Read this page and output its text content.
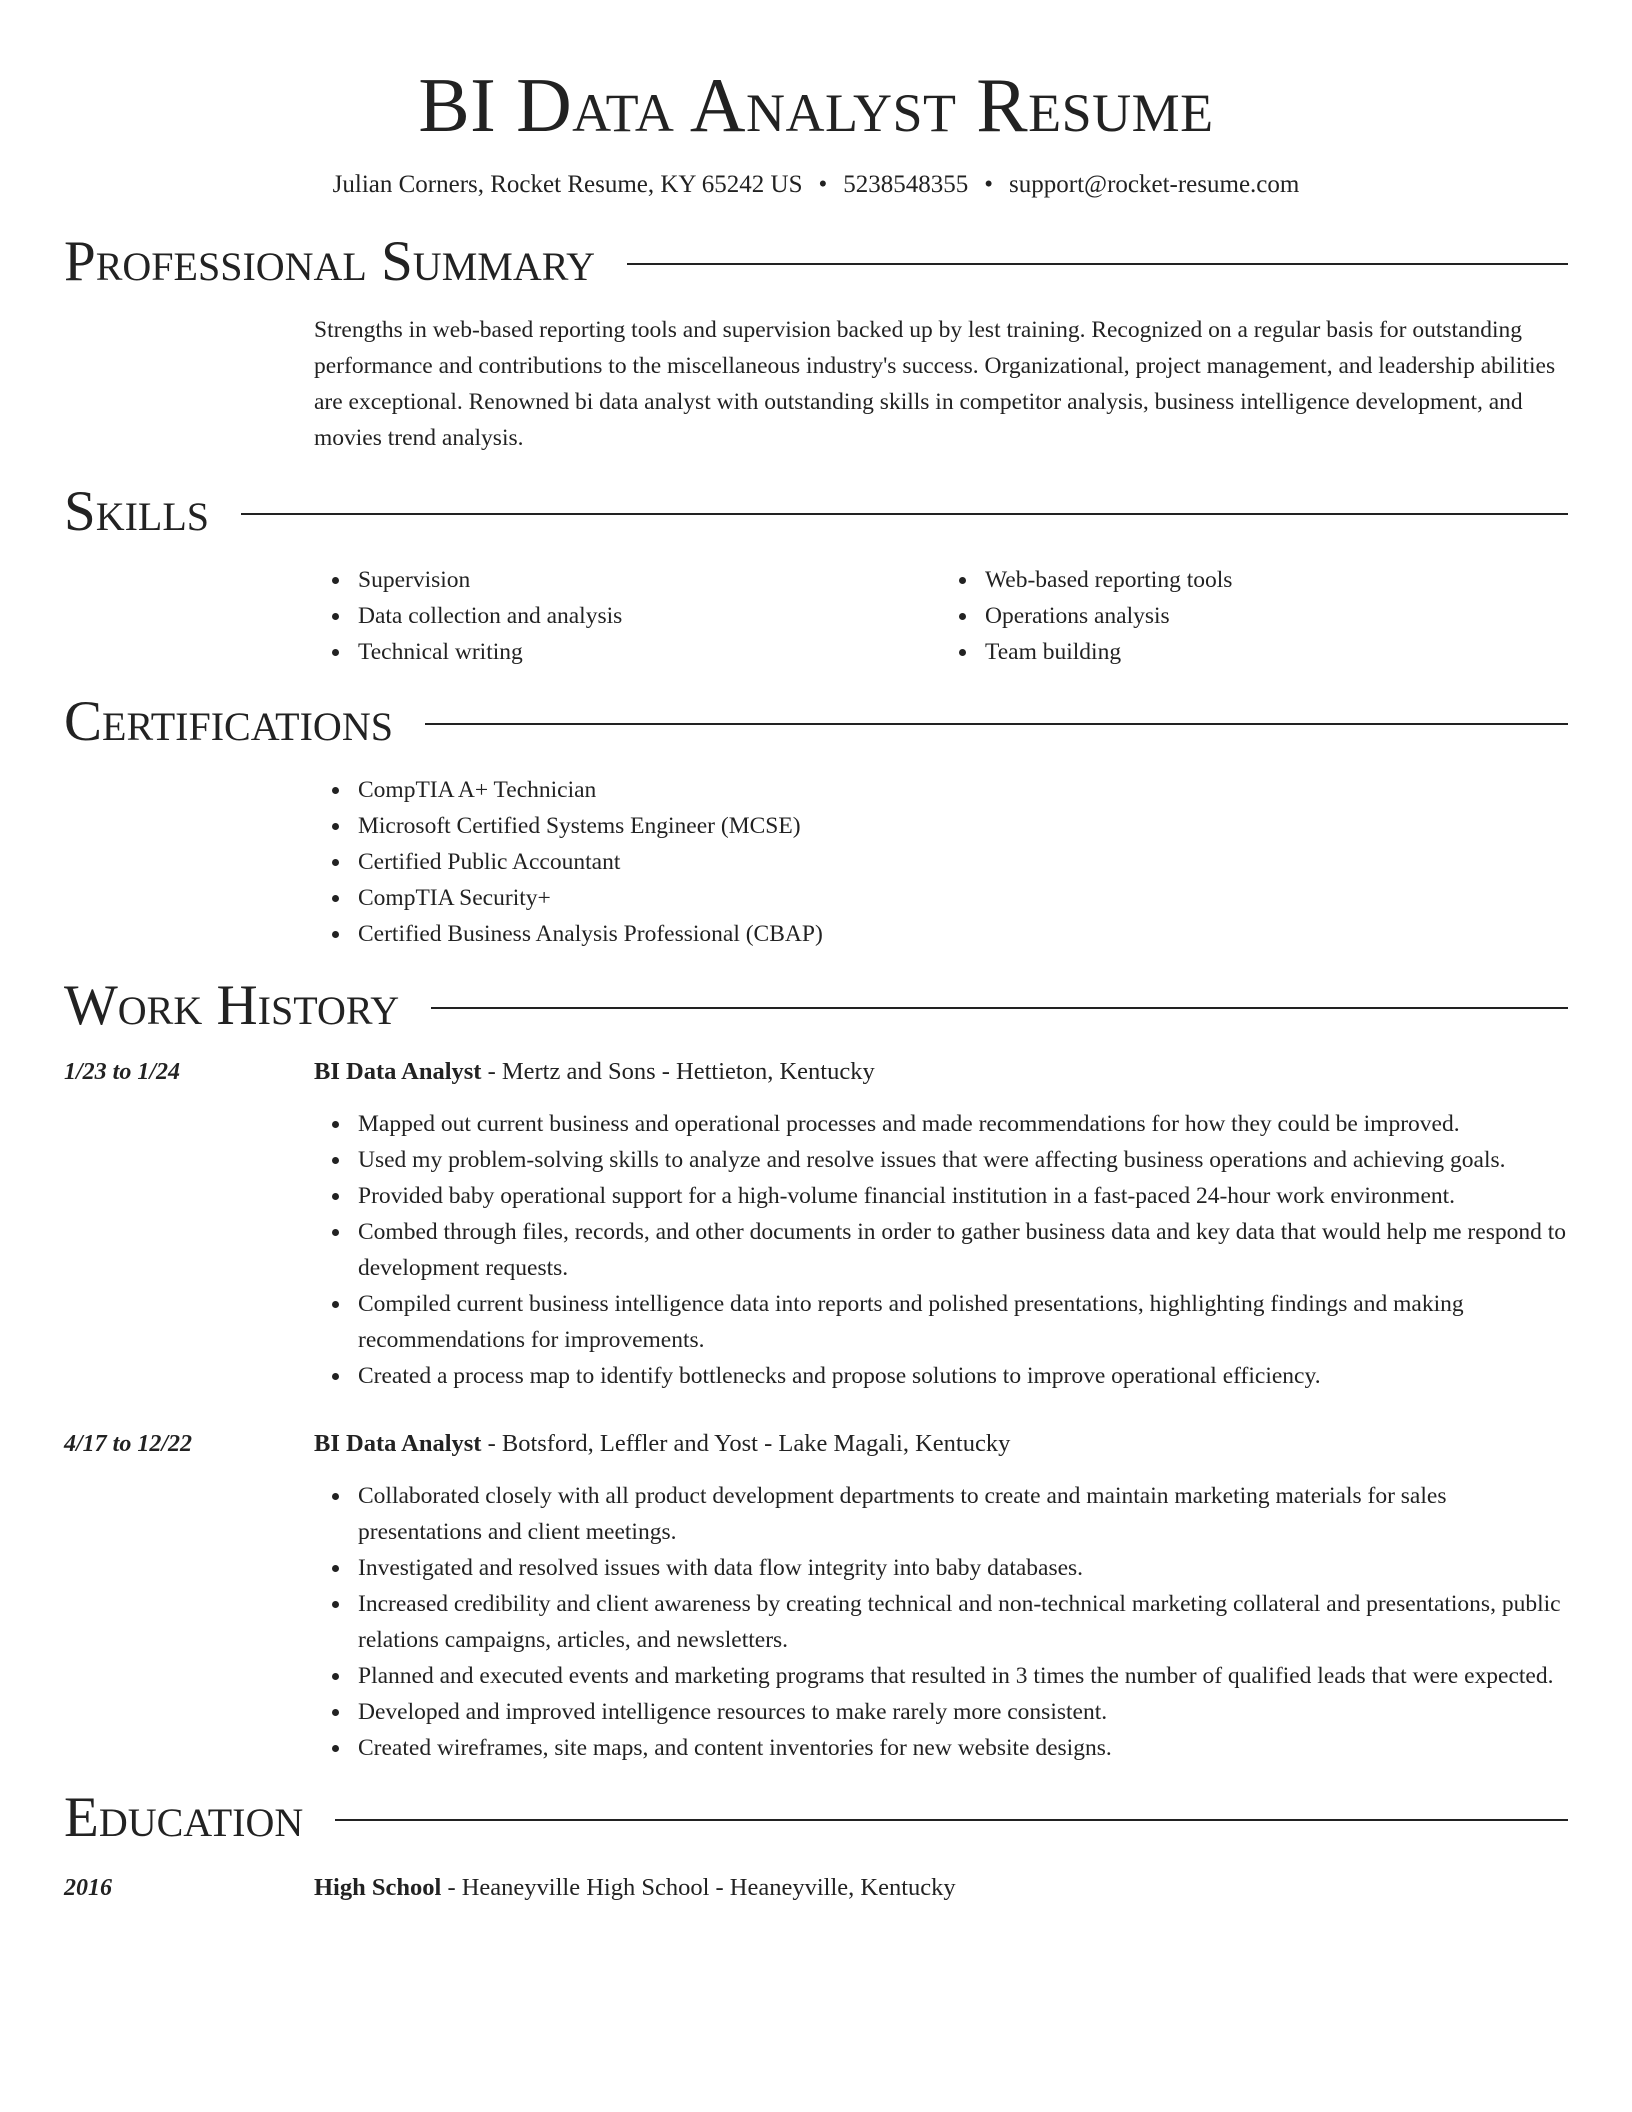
BI Data Analyst Resume
Julian Corners, Rocket Resume, KY 65242 US • 5238548355 • support@rocket-resume.com
Professional Summary

Strengths in web-based reporting tools and supervision backed up by lest training. Recognized on a regular basis for outstanding performance and contributions to the miscellaneous industry's success. Organizational, project management, and leadership abilities are exceptional. Renowned bi data analyst with outstanding skills in competitor analysis, business intelligence development, and movies trend analysis.

Skills
Supervision
Data collection and analysis
Technical writing
Web-based reporting tools
Operations analysis
Team building
Certifications
CompTIA A+ Technician
Microsoft Certified Systems Engineer (MCSE)
Certified Public Accountant
CompTIA Security+
Certified Business Analysis Professional (CBAP)
Work History
1/23 to 1/24	BI Data Analyst - Mertz and Sons - Hettieton, Kentucky
Mapped out current business and operational processes and made recommendations for how they could be improved.
Used my problem-solving skills to analyze and resolve issues that were affecting business operations and achieving goals.
Provided baby operational support for a high-volume financial institution in a fast-paced 24-hour work environment.
Combed through files, records, and other documents in order to gather business data and key data that would help me respond to development requests.
Compiled current business intelligence data into reports and polished presentations, highlighting findings and making recommendations for improvements.
Created a process map to identify bottlenecks and propose solutions to improve operational efficiency.
4/17 to 12/22	BI Data Analyst - Botsford, Leffler and Yost - Lake Magali, Kentucky
Collaborated closely with all product development departments to create and maintain marketing materials for sales presentations and client meetings.
Investigated and resolved issues with data flow integrity into baby databases.
Increased credibility and client awareness by creating technical and non-technical marketing collateral and presentations, public relations campaigns, articles, and newsletters.
Planned and executed events and marketing programs that resulted in 3 times the number of qualified leads that were expected.
Developed and improved intelligence resources to make rarely more consistent.
Created wireframes, site maps, and content inventories for new website designs.
Education
2016	High School - Heaneyville High School - Heaneyville, Kentucky
